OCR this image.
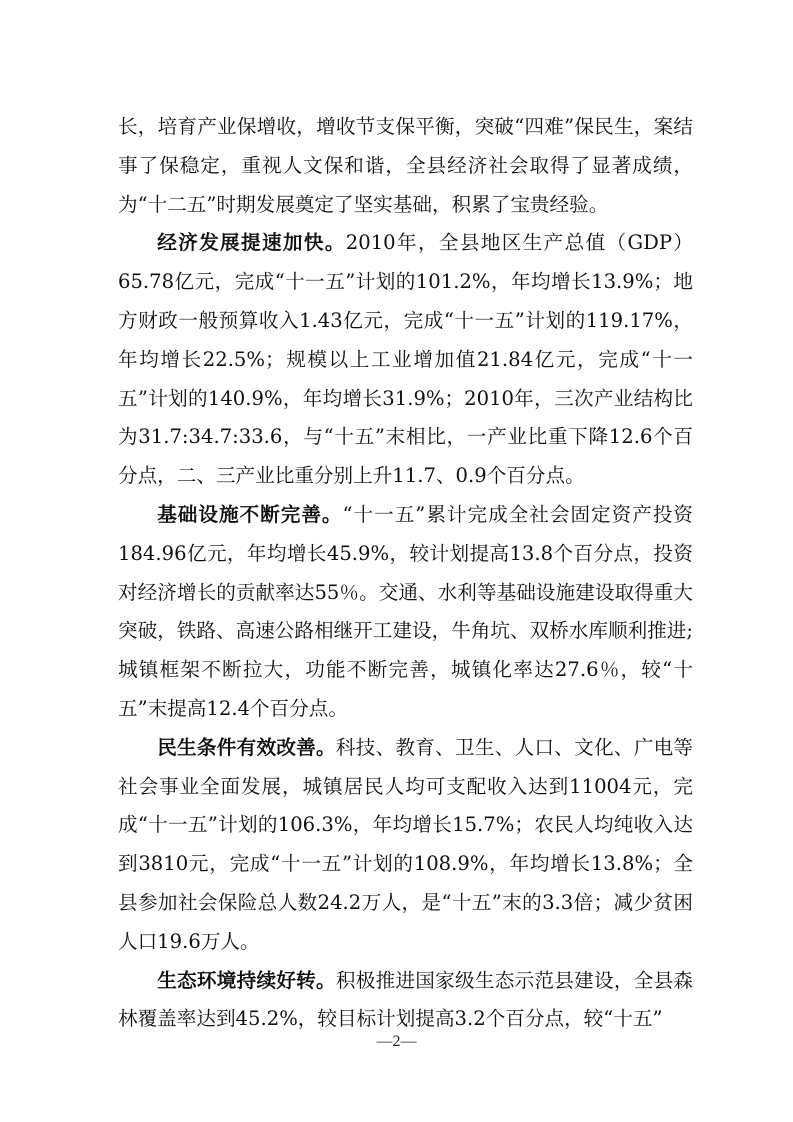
长，培育产业保增收，增收节支保平衡，突破“四难”保民生，案结事了保稳定，重视人文保和谐，全县经济社会取得了显著成绩，为“十二五”时期发展奠定了坚实基础，积累了宝贵经验。

经济发展提速加快。2010年，全县地区生产总值（GDP）65.78亿元，完成“十一五”计划的101.2%，年均增长13.9%；地方财政一般预算收入1.43亿元，完成“十一五”计划的119.17%，年均增长22.5%；规模以上工业增加值21.84亿元，完成“十一五”计划的140.9%，年均增长31.9%；2010年，三次产业结构比为31.7:34.7:33.6，与“十五”末相比，一产业比重下降12.6个百分点，二、三产业比重分别上升11.7、0.9个百分点。

基础设施不断完善。“十一五”累计完成全社会固定资产投资184.96亿元，年均增长45.9%，较计划提高13.8个百分点，投资对经济增长的贡献率达55％。交通、水利等基础设施建设取得重大突破，铁路、高速公路相继开工建设，牛角坑、双桥水库顺利推进;城镇框架不断拉大，功能不断完善，城镇化率达27.6％，较“十五”末提高12.4个百分点。

民生条件有效改善。科技、教育、卫生、人口、文化、广电等社会事业全面发展，城镇居民人均可支配收入达到11004元，完成“十一五”计划的106.3%，年均增长15.7%；农民人均纯收入达到3810元，完成“十一五”计划的108.9%，年均增长13.8%；全县参加社会保险总人数24.2万人，是“十五”末的3.3倍；减少贫困人口19.6万人。

生态环境持续好转。积极推进国家级生态示范县建设，全县森林覆盖率达到45.2%，较目标计划提高3.2个百分点，较“十五”

—2—
